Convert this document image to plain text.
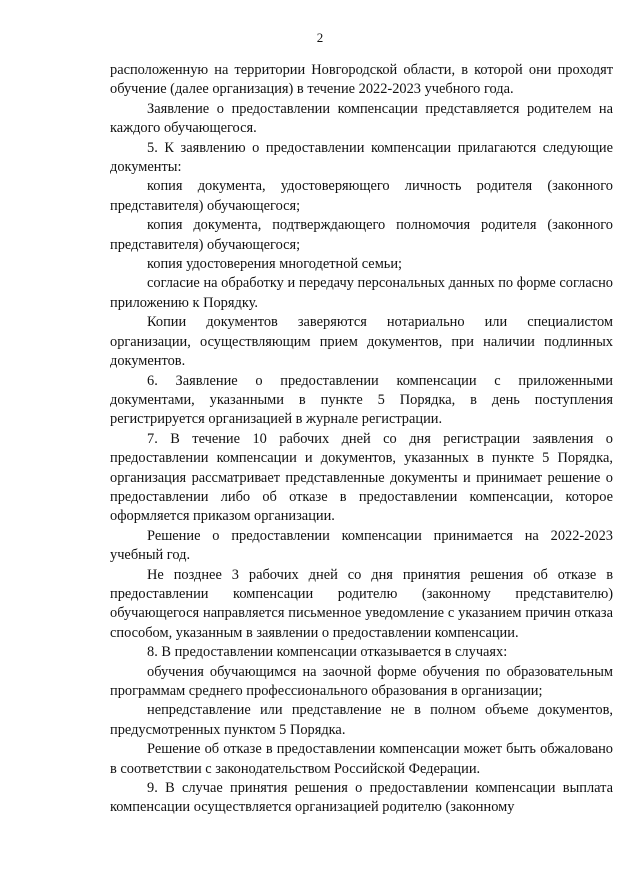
2

расположенную на территории Новгородской области, в которой они проходят обучение (далее организация) в течение 2022-2023 учебного года.

Заявление о предоставлении компенсации представляется родителем на каждого обучающегося.

5. К заявлению о предоставлении компенсации прилагаются следующие документы:

копия документа, удостоверяющего личность родителя (законного представителя) обучающегося;

копия документа, подтверждающего полномочия родителя (законного представителя) обучающегося;

копия удостоверения многодетной семьи;

согласие на обработку и передачу персональных данных по форме согласно приложению к Порядку.

Копии документов заверяются нотариально или специалистом организации, осуществляющим прием документов, при наличии подлинных документов.

6. Заявление о предоставлении компенсации с приложенными документами, указанными в пункте 5 Порядка, в день поступления регистрируется организацией в журнале регистрации.

7. В течение 10 рабочих дней со дня регистрации заявления о предоставлении компенсации и документов, указанных в пункте 5 Порядка, организация рассматривает представленные документы и принимает решение о предоставлении либо об отказе в предоставлении компенсации, которое оформляется приказом организации.

Решение о предоставлении компенсации принимается на 2022-2023 учебный год.

Не позднее 3 рабочих дней со дня принятия решения об отказе в предоставлении компенсации родителю (законному представителю) обучающегося направляется письменное уведомление с указанием причин отказа способом, указанным в заявлении о предоставлении компенсации.

8. В предоставлении компенсации отказывается в случаях:

обучения обучающимся на заочной форме обучения по образовательным программам среднего профессионального образования в организации;

непредставление или представление не в полном объеме документов, предусмотренных пунктом 5 Порядка.

Решение об отказе в предоставлении компенсации может быть обжаловано в соответствии с законодательством Российской Федерации.

9. В случае принятия решения о предоставлении компенсации выплата компенсации осуществляется организацией родителю (законному
